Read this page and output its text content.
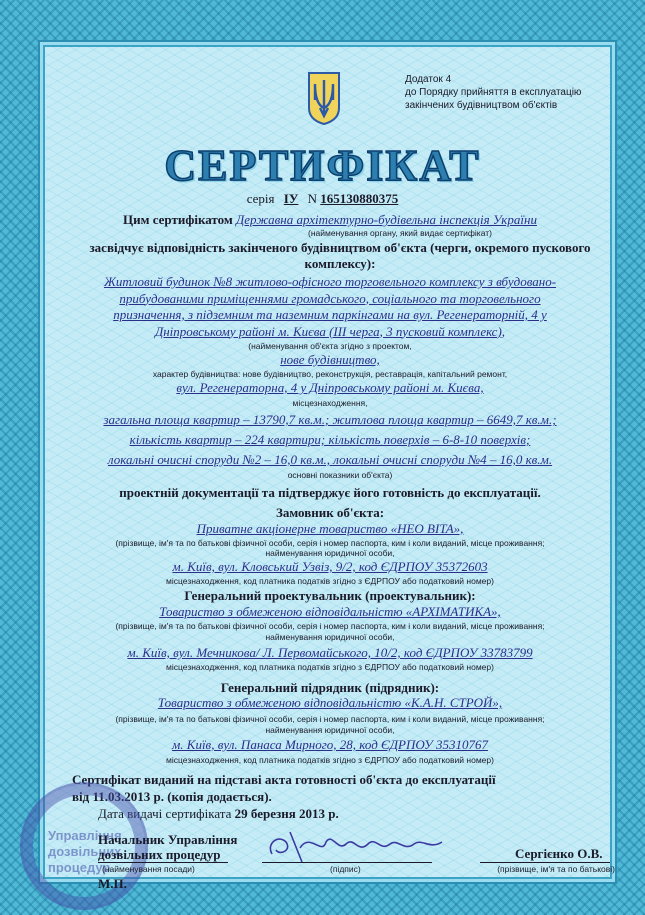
Додаток 4
до Порядку прийняття в експлуатацію
закінчених будівництвом об'єктів
СЕРТИФІКАТ
серія ІУ N 165130880375
Цим сертифікатом Державна архітектурно-будівельна інспекція України
(найменування органу, який видає сертифікат)
засвідчує відповідність закінченого будівництвом об'єкта (черги, окремого пускового комплексу):
Житловий будинок №8 житлово-офісного торговельного комплексу з вбудовано-
прибудованими приміщеннями громадського, соціального та торговельного
призначення, з підземним та наземним паркінгами на вул. Регенераторній, 4 у
Дніпровському районі м. Києва (ІІІ черга, 3 пусковий комплекс),
(найменування об'єкта згідно з проектом,
нове будівництво,
характер будівництва: нове будівництво, реконструкція, реставрація, капітальний ремонт,
вул. Регенераторна, 4 у Дніпровському районі м. Києва,
місцезнаходження,
загальна площа квартир – 13790,7 кв.м.; житлова площа квартир – 6649,7 кв.м.;
кількість квартир – 224 квартири; кількість поверхів – 6-8-10 поверхів;
локальні очисні споруди №2 – 16,0 кв.м., локальні очисні споруди №4 – 16,0 кв.м.
основні показники об'єкта)
проектній документації та підтверджує його готовність до експлуатації.
Замовник об'єкта:
Приватне акціонерне товариство «НЕО ВІТА»,
(прізвище, ім'я та по батькові фізичної особи, серія і номер паспорта, ким і коли виданий, місце проживання;
найменування юридичної особи,
м. Київ, вул. Кловський Узвіз, 9/2, код ЄДРПОУ 35372603
місцезнаходження, код платника податків згідно з ЄДРПОУ або податковий номер)
Генеральний проектувальник (проектувальник):
Товариство з обмеженою відповідальністю «АРХІМАТИКА»,
(прізвище, ім'я та по батькові фізичної особи, серія і номер паспорта, ким і коли виданий, місце проживання;
найменування юридичної особи,
м. Київ, вул. Мечникова/ Л. Первомайського, 10/2, код ЄДРПОУ 33783799
місцезнаходження, код платника податків згідно з ЄДРПОУ або податковий номер)
Генеральний підрядник (підрядник):
Товариство з обмеженою відповідальністю «К.А.Н. СТРОЙ»,
(прізвище, ім'я та по батькові фізичної особи, серія і номер паспорта, ким і коли виданий, місце проживання;
найменування юридичної особи,
м. Київ, вул. Панаса Мирного, 28, код ЄДРПОУ 35310767
місцезнаходження, код платника податків згідно з ЄДРПОУ або податковий номер)
Сертифікат виданий на підставі акта готовності об'єкта до експлуатації
від 11.03.2013 р. (копія додається).
Дата видачі сертифіката 29 березня 2013 р.
Управління дозвільних процедур
Начальник Управління
дозвільних процедур
(найменування посади)
М.П.
(підпис)
Сергієнко О.В.
(прізвище, ім'я та по батькові)
